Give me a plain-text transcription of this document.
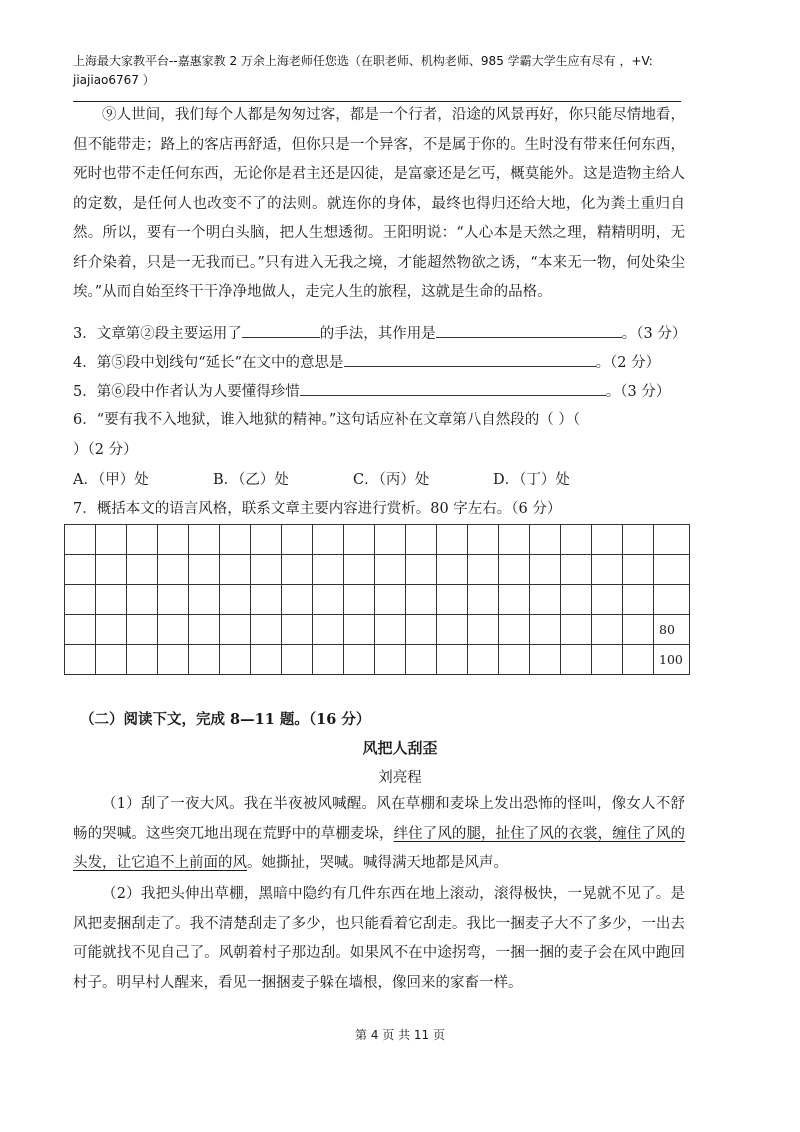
上海最大家教平台--嘉惠家教 2 万余上海老师任您选（在职老师、机构老师、985 学霸大学生应有尽有 ，+V:
jiajiao6767 ）

⑨人世间，我们每个人都是匆匆过客，都是一个行者，沿途的风景再好，你只能尽情地看，但不能带走；路上的客店再舒适，但你只是一个异客，不是属于你的。生时没有带来任何东西，死时也带不走任何东西，无论你是君主还是囚徒，是富豪还是乞丐，概莫能外。这是造物主给人的定数，是任何人也改变不了的法则。就连你的身体，最终也得归还给大地，化为粪土重归自然。所以，要有一个明白头脑，把人生想透彻。王阳明说：“人心本是天然之理，精精明明，无纤介染着，只是一无我而已。”只有进入无我之境，才能超然物欲之诱，“本来无一物，何处染尘埃。”从而自始至终干干净净地做人，走完人生的旅程，这就是生命的品格。

3．文章第②段主要运用了	的手法，其作用是	。（3 分）
4．第⑤段中划线句“延长”在文中的意思是	。（2 分）
5．第⑥段中作者认为人要懂得珍惜	。（3 分）
6．“要有我不入地狱，谁入地狱的精神。”这句话应补在文章第八自然段的（ ）（
）（2 分）
A．（甲）处	B．（乙）处	C．（丙）处	D．（丁）处
7．概括本文的语言风格，联系文章主要内容进行赏析。80 字左右。（6 分）

																			80
																			100
（二）阅读下文，完成 8—11 题。（16 分）
风把人刮歪
刘亮程

（1）刮了一夜大风。我在半夜被风喊醒。风在草棚和麦垛上发出恐怖的怪叫，像女人不舒畅的哭喊。这些突兀地出现在荒野中的草棚麦垛，绊住了风的腿，扯住了风的衣裳，缠住了风的头发，让它追不上前面的风。她撕扯，哭喊。喊得满天地都是风声。

（2）我把头伸出草棚，黑暗中隐约有几件东西在地上滚动，滚得极快，一晃就不见了。是风把麦捆刮走了。我不清楚刮走了多少，也只能看着它刮走。我比一捆麦子大不了多少，一出去可能就找不见自己了。风朝着村子那边刮。如果风不在中途拐弯，一捆一捆的麦子会在风中跑回村子。明早村人醒来，看见一捆捆麦子躲在墙根，像回来的家畜一样。

第 4 页 共 11 页
